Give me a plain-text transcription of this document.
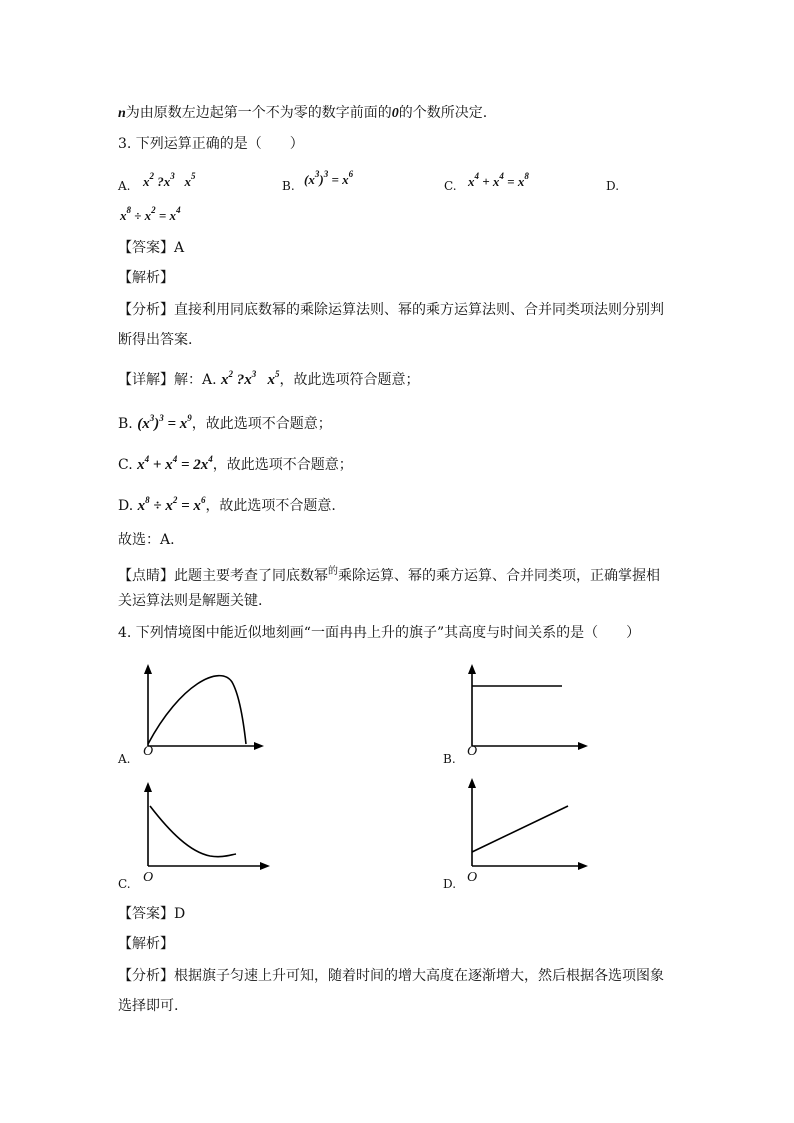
n为由原数左边起第一个不为零的数字前面的0的个数所决定.
3. 下列运算正确的是（　　）
A. $x^2$ $?x^3$   $x^5$
B. $(x^3)^3 = x^6$
C. $x^4 + x^4 = x^8$
D.
$x^8 \div x^2 = x^4$
【答案】A
【解析】
【分析】直接利用同底数幂的乘除运算法则、幂的乘方运算法则、合并同类项法则分别判
断得出答案.
【详解】解：A. $x^2$ $?x^3$   $x^5$，故此选项符合题意；
B. $(x^3)^3 = x^9$，故此选项不合题意；
C. $x^4 + x^4 = 2x^4$，故此选项不合题意；
D. $x^8 \div x^2 = x^6$，故此选项不合题意.
故选：A.
【点睛】此题主要考查了同底数幂$^的$乘除运算、幂的乘方运算、合并同类项，正确掌握相
关运算法则是解题关键.
4. 下列情境图中能近似地刻画“一面冉冉上升的旗子”其高度与时间关系的是（　　）
O
A.	O
B.
O
C.	O
D.
【答案】D
【解析】
【分析】根据旗子匀速上升可知，随着时间的增大高度在逐渐增大，然后根据各选项图象
选择即可.
